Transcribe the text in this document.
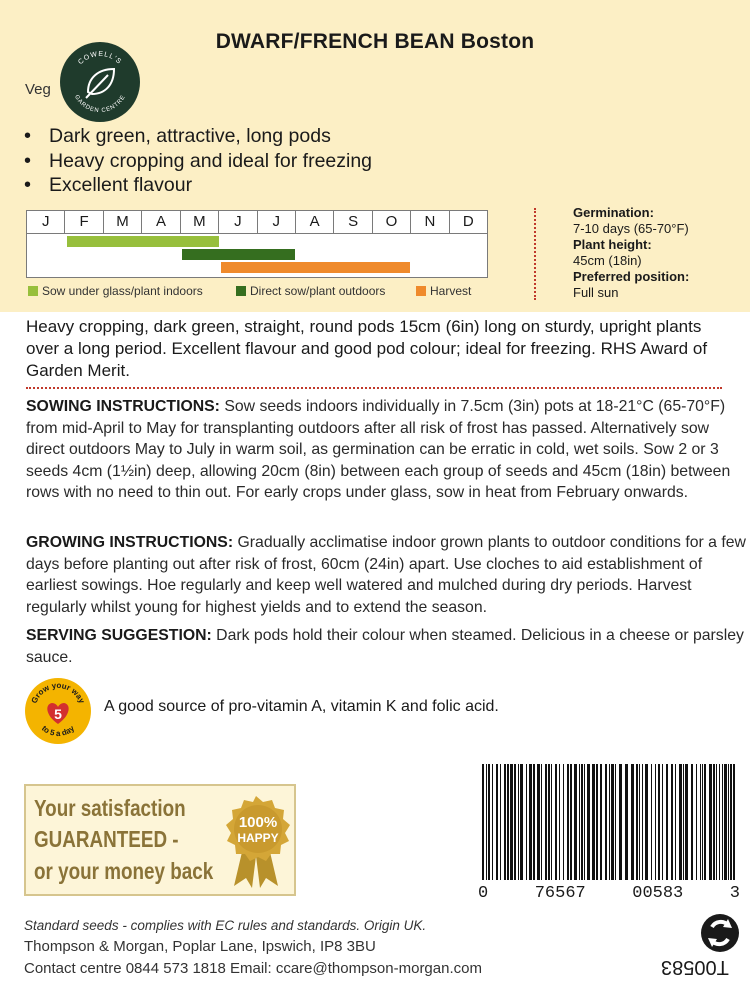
DWARF/FRENCH BEAN Boston
Veg
COWELL'S
GARDEN CENTRE
• Dark green, attractive, long pods
• Heavy cropping and ideal for freezing
• Excellent flavour
J	F	M	A	M	J	J	A	S	O	N	D
Sow under glass/plant indoors	Direct sow/plant outdoors	Harvest
Germination:
7-10 days (65-70°F)
Plant height:
45cm (18in)
Preferred position:
Full sun
Heavy cropping, dark green, straight, round pods 15cm (6in) long on sturdy, upright plants over a long period. Excellent flavour and good pod colour; ideal for freezing. RHS Award of Garden Merit.
SOWING INSTRUCTIONS: Sow seeds indoors individually in 7.5cm (3in) pots at 18-21°C (65-70°F) from mid-April to May for transplanting outdoors after all risk of frost has passed. Alternatively sow direct outdoors May to July in warm soil, as germination can be erratic in cold, wet soils. Sow 2 or 3 seeds 4cm (1½in) deep, allowing 20cm (8in) between each group of seeds and 45cm (18in) between rows with no need to thin out. For early crops under glass, sow in heat from February onwards.
GROWING INSTRUCTIONS: Gradually acclimatise indoor grown plants to outdoor conditions for a few days before planting out after risk of frost, 60cm (24in) apart. Use cloches to aid establishment of earliest sowings. Hoe regularly and keep well watered and mulched during dry periods. Harvest regularly whilst young for highest yields and to extend the season.
SERVING SUGGESTION: Dark pods hold their colour when steamed. Delicious in a cheese or parsley sauce.
Grow your way
to 5 a day
5	A good source of pro-vitamin A, vitamin K and folic acid.
Your satisfaction
GUARANTEED -
or your money back
100%
HAPPY
0	76567	00583	3
Standard seeds - complies with EC rules and standards. Origin UK.
Thompson & Morgan, Poplar Lane, Ipswich, IP8 3BU
Contact centre 0844 573 1818 Email: ccare@thompson-morgan.com	T00583
